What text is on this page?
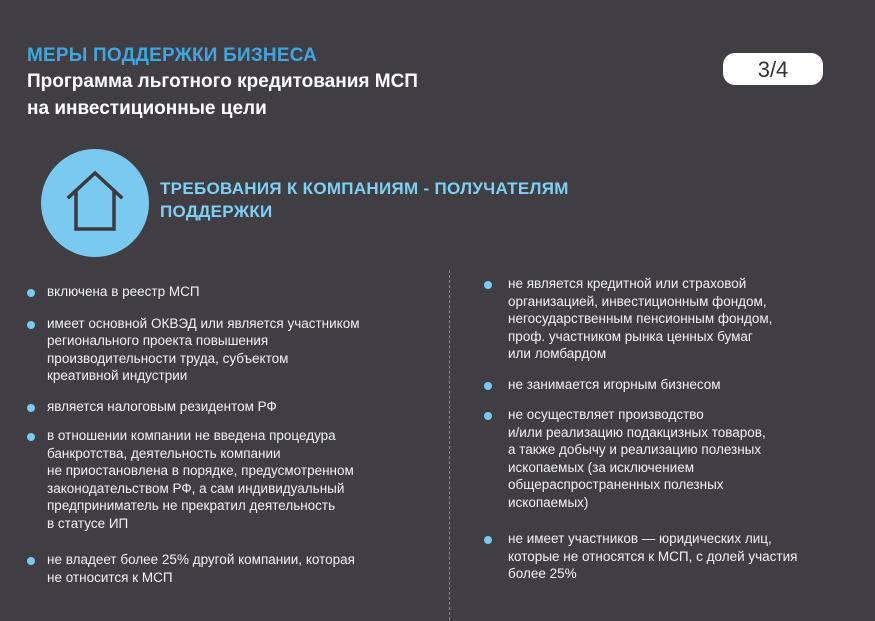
МЕРЫ ПОДДЕРЖКИ БИЗНЕСА
Программа льготного кредитования МСП
на инвестиционные цели
3/4
ТРЕБОВАНИЯ К КОМПАНИЯМ - ПОЛУЧАТЕЛЯМ
ПОДДЕРЖКИ
включена в реестр МСП
имеет основной ОКВЭД или является участником
регионального проекта повышения
производительности труда, субъектом
креативной индустрии
является налоговым резидентом РФ
в отношении компании не введена процедура
банкротства, деятельность компании
не приостановлена в порядке, предусмотренном
законодательством РФ, а сам индивидуальный
предприниматель не прекратил деятельность
в статусе ИП
не владеет более 25% другой компании, которая
не относится к МСП
не является кредитной или страховой
организацией, инвестиционным фондом,
негосударственным пенсионным фондом,
проф. участником рынка ценных бумаг
или ломбардом
не занимается игорным бизнесом
не осуществляет производство
и/или реализацию подакцизных товаров,
а также добычу и реализацию полезных
ископаемых (за исключением
общераспространенных полезных
ископаемых)
не имеет участников — юридических лиц,
которые не относятся к МСП, с долей участия
более 25%
